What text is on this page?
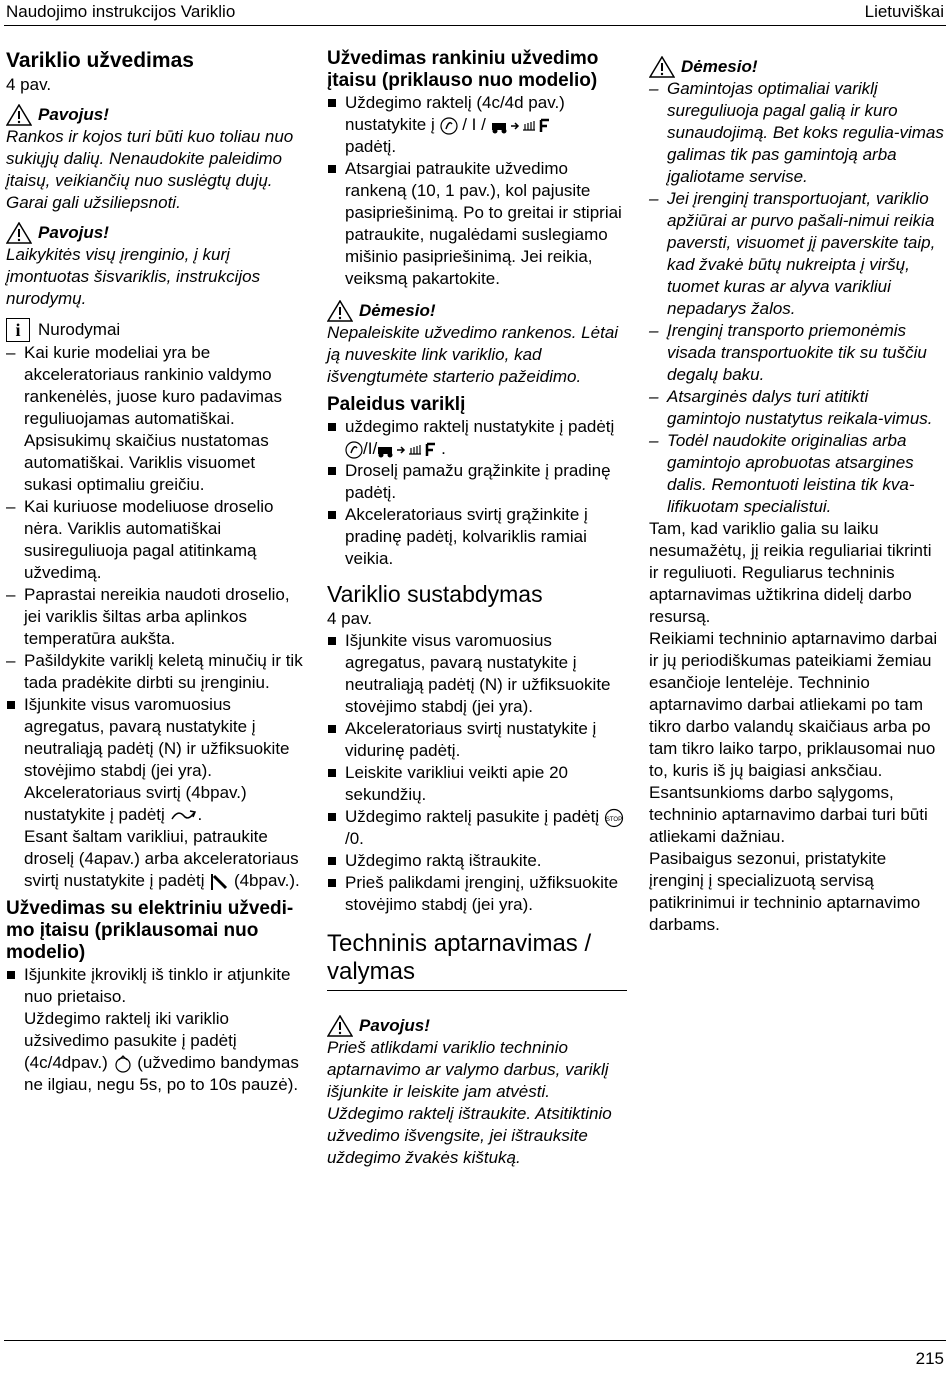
Naudojimo instrukcijos Variklio	Lietuviškai
Variklio užvedimas
4 pav.
Pavojus!
Rankos ir kojos turi būti kuo toliau nuo sukiųjų dalių. Nenaudokite paleidimo įtaisų, veikiančių nuo suslėgtų dujų. Garai gali užsiliepsnoti.
Pavojus!
Laikykitės visų įrenginio, į kurį įmontuotas šisvariklis, instrukcijos nurodymų.
i	Nurodymai
– Kai kurie modeliai yra be akceleratoriaus rankinio valdymo rankenėlės, juose kuro padavimas reguliuojamas automatiškai. Apsisukimų skaičius nustatomas automatiškai. Variklis visuomet sukasi optimaliu greičiu.
– Kai kuriuose modeliuose droselio nėra. Variklis automatiškai susireguliuoja pagal atitinkamą užvedimą.
– Paprastai nereikia naudoti droselio, jei variklis šiltas arba aplinkos temperatūra aukšta.
– Pašildykite variklį keletą minučių ir tik tada pradėkite dirbti su įrenginiu.
Išjunkite visus varomuosius agregatus, pavarą nustatykite į neutraliąją padėtį (N) ir užfiksuokite stovėjimo stabdį (jei yra).
Akceleratoriaus svirtį (4bpav.) nustatykite į padėtį .
Esant šaltam varikliui, patraukite droselį (4apav.) arba akceleratoriaus svirtį nustatykite į padėtį (4bpav.).
Užvedimas su elektriniu užvedi-mo įtaisu (priklausomai nuo modelio)
Išjunkite įkroviklį iš tinklo ir atjunkite nuo prietaiso.
Uždegimo raktelį iki variklio užsivedimo pasukite į padėtį (4c/4dpav.) (užvedimo bandymas ne ilgiau, negu 5s, po to 10s pauzė).
Užvedimas rankiniu užvedimo įtaisu (priklauso nuo modelio)
Uždegimo raktelį (4c/4d pav.) nustatykite į / I /
padėtį.
Atsargiai patraukite užvedimo rankeną (10, 1 pav.), kol pajusite pasipriešinimą. Po to greitai ir stipriai patraukite, nugalėdami suslegiamo mišinio pasipriešinimą. Jei reikia, veiksmą pakartokite.
Dėmesio!
Nepaleiskite užvedimo rankenos. Lėtai ją nuveskite link variklio, kad išvengtumėte starterio pažeidimo.
Paleidus variklį
uždegimo raktelį nustatykite į padėtį /I/	.
Droselį pamažu grąžinkite į pradinę padėtį.
Akceleratoriaus svirtį grąžinkite į pradinę padėtį, kolvariklis ramiai veikia.
Variklio sustabdymas
4 pav.
Išjunkite visus varomuosius agregatus, pavarą nustatykite į neutraliąją padėtį (N) ir užfiksuokite stovėjimo stabdį (jei yra).
Akceleratoriaus svirtį nustatykite į vidurinę padėtį.
Leiskite varikliui veikti apie 20 sekundžių.
Uždegimo raktelį pasukite į padėtį STOP
/0.
Uždegimo raktą ištraukite.
Prieš palikdami įrenginį, užfiksuokite stovėjimo stabdį (jei yra).
Techninis aptarnavimas / valymas
Pavojus!
Prieš atlikdami variklio techninio aptarnavimo ar valymo darbus, variklį išjunkite ir leiskite jam atvėsti. Uždegimo raktelį ištraukite. Atsitiktinio užvedimo išvengsite, jei ištrauksite uždegimo žvakės kištuką.
Dėmesio!
– Gamintojas optimaliai variklį sureguliuoja pagal galią ir kuro sunaudojimą. Bet koks regulia-vimas galimas tik pas gamintoją arba įgaliotame servise.
– Jei įrenginį transportuojant, variklio apžiūrai ar purvo pašali-nimui reikia paversti, visuomet jį paverskite taip, kad žvakė būtų nukreipta į viršų, tuomet kuras ar alyva varikliui nepadarys žalos.
– Įrenginį transporto priemonėmis visada transportuokite tik su tuščiu degalų baku.
– Atsarginės dalys turi atitikti gamintojo nustatytus reikala-vimus.
– Todėl naudokite originalias arba gamintojo aprobuotas atsargines dalis. Remontuoti leistina tik kva-lifikuotam specialistui.
Tam, kad variklio galia su laiku nesumažėtų, jį reikia reguliariai tikrinti ir reguliuoti. Reguliarus techninis aptarnavimas užtikrina didelį darbo resursą.
Reikiami techninio aptarnavimo darbai ir jų periodiškumas pateikiami žemiau esančioje lentelėje. Techninio aptarnavimo darbai atliekami po tam tikro darbo valandų skaičiaus arba po tam tikro laiko tarpo, priklausomai nuo to, kuris iš jų baigiasi anksčiau.
Esantsunkioms darbo sąlygoms, techninio aptarnavimo darbai turi būti atliekami dažniau.
Pasibaigus sezonui, pristatykite įrenginį į specializuotą servisą patikrinimui ir techninio aptarnavimo darbams.
215
